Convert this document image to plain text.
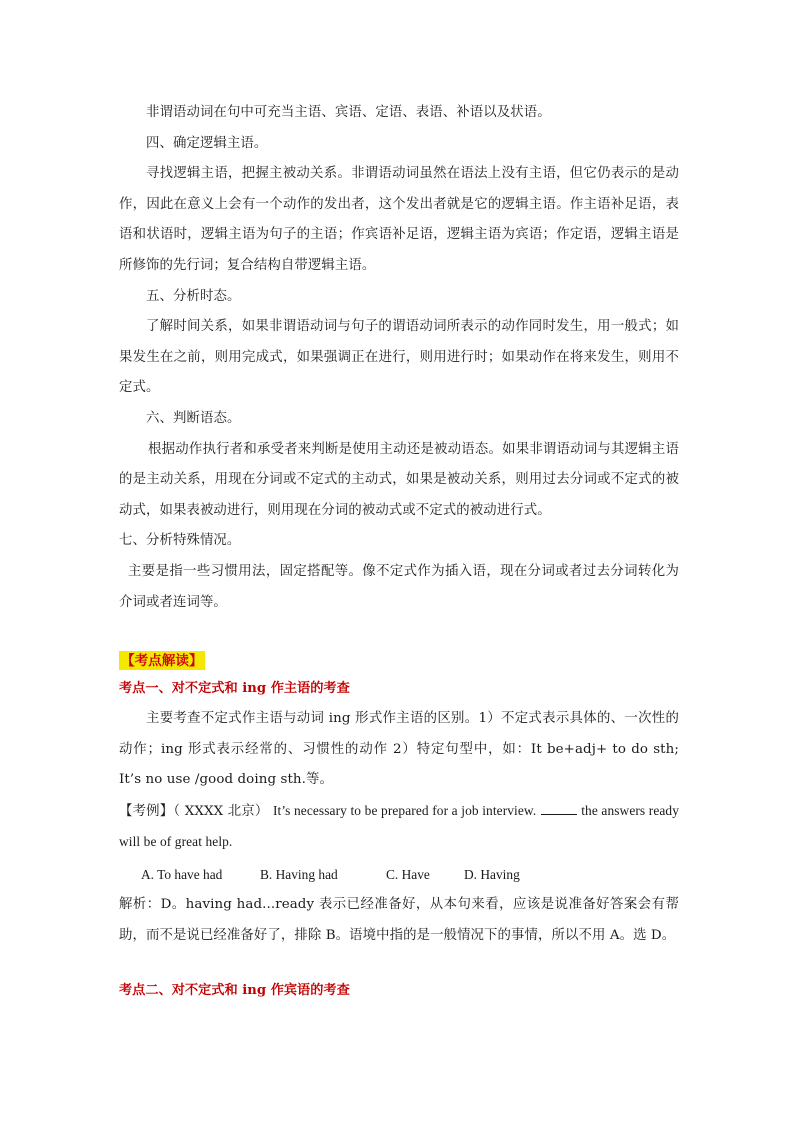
非谓语动词在句中可充当主语、宾语、定语、表语、补语以及状语。

四、确定逻辑主语。

寻找逻辑主语，把握主被动关系。非谓语动词虽然在语法上没有主语，但它仍表示的是动作，因此在意义上会有一个动作的发出者，这个发出者就是它的逻辑主语。作主语补足语，表语和状语时，逻辑主语为句子的主语；作宾语补足语，逻辑主语为宾语；作定语，逻辑主语是所修饰的先行词；复合结构自带逻辑主语。

五、分析时态。

了解时间关系，如果非谓语动词与句子的谓语动词所表示的动作同时发生，用一般式；如果发生在之前，则用完成式，如果强调正在进行，则用进行时；如果动作在将来发生，则用不定式。

六、判断语态。

根据动作执行者和承受者来判断是使用主动还是被动语态。如果非谓语动词与其逻辑主语的是主动关系，用现在分词或不定式的主动式，如果是被动关系，则用过去分词或不定式的被动式，如果表被动进行，则用现在分词的被动式或不定式的被动进行式。

七、分析特殊情况。

主要是指一些习惯用法，固定搭配等。像不定式作为插入语，现在分词或者过去分词转化为介词或者连词等。

【考点解读】

考点一、对不定式和 ing 作主语的考查

主要考查不定式作主语与动词 ing 形式作主语的区别。1）不定式表示具体的、一次性的动作；ing 形式表示经常的、习惯性的动作 2）特定句型中，如：It be+adj+ to do sth; It’s no use /good doing sth.等。

【考例】（ XXXX 北京） It’s necessary to be prepared for a job interview.	the answers ready will be of great help.

A. To have had	B. Having had	C. Have	D. Having

解析：D。having had...ready 表示已经准备好，从本句来看，应该是说准备好答案会有帮助，而不是说已经准备好了，排除 B。语境中指的是一般情况下的事情，所以不用 A。选 D。

考点二、对不定式和 ing 作宾语的考查
